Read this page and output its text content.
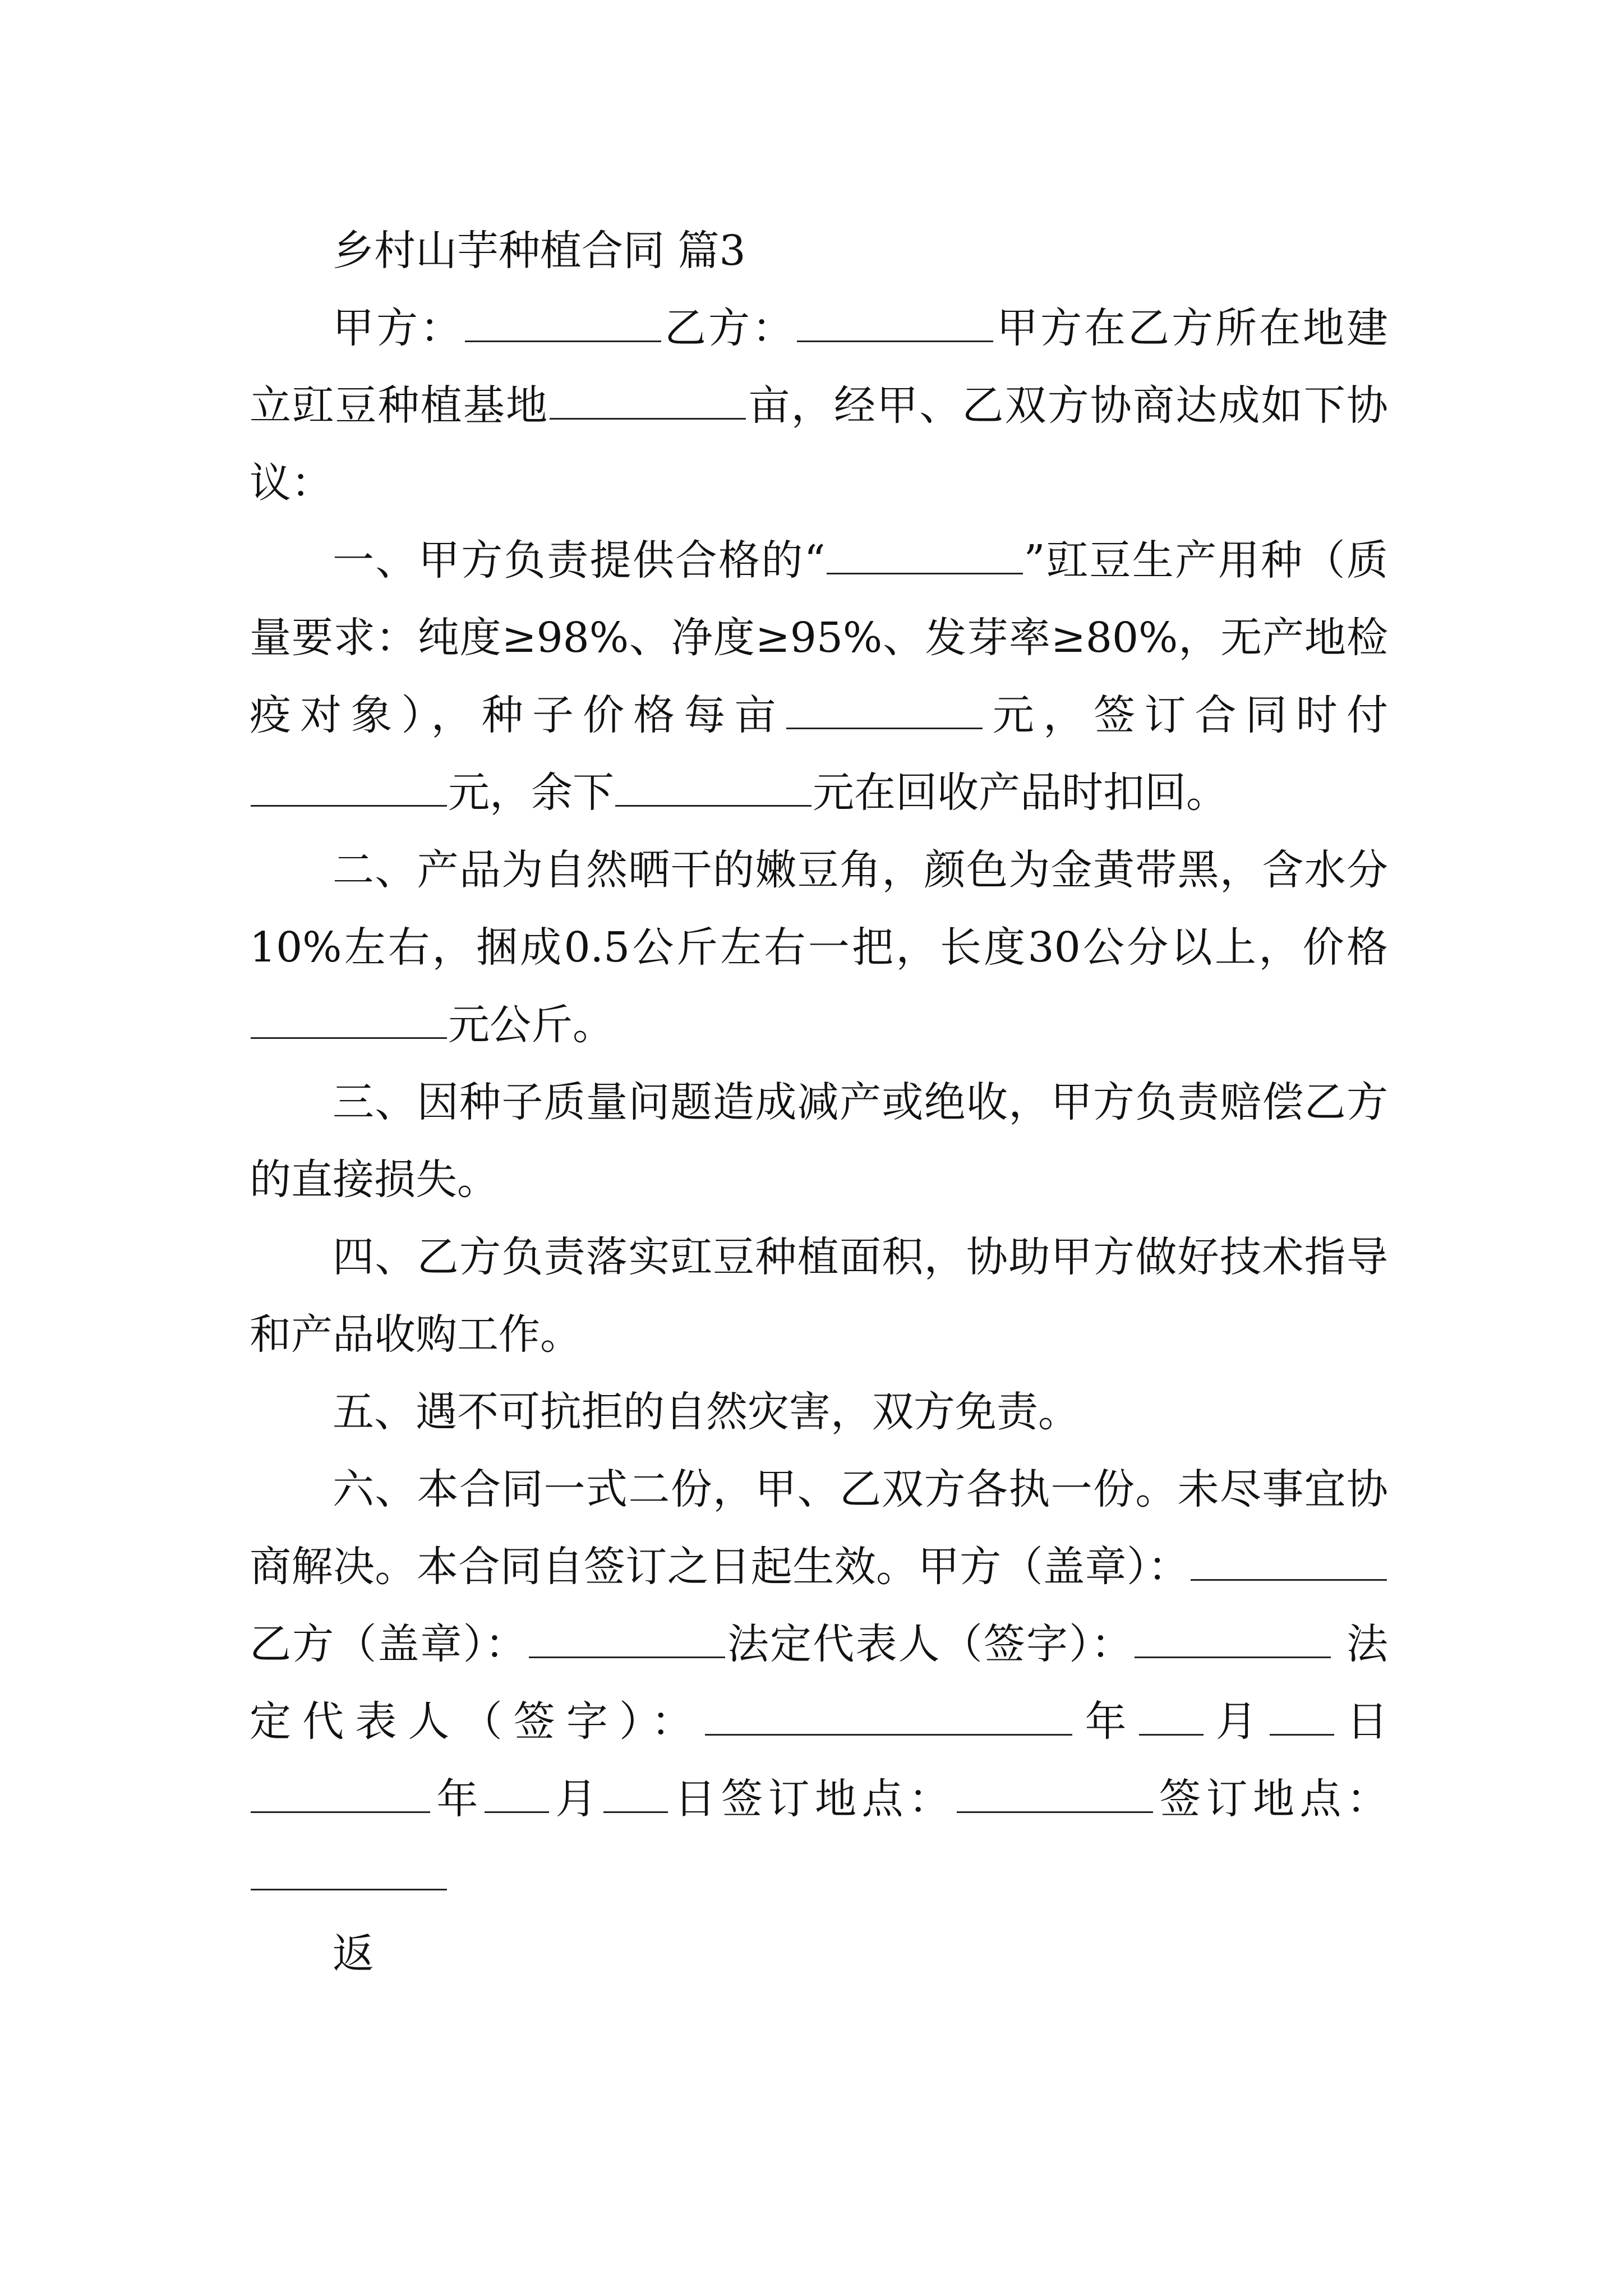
乡村山芋种植合同 篇3

甲方：	乙方：	甲方在乙方所在地建立豇豆种植基地	亩，经甲、乙双方协商达成如下协议：

一、甲方负责提供合格的“	”豇豆生产用种（质量要求：纯度≥98%、净度≥95%、发芽率≥80%，无产地检疫对象），种子价格每亩	元，签订合同时付元，余下	元在回收产品时扣回。

二、产品为自然晒干的嫩豆角，颜色为金黄带黑，含水分10%左右，捆成0.5公斤左右一把，长度30公分以上，价格元公斤。

三、因种子质量问题造成减产或绝收，甲方负责赔偿乙方的直接损失。

四、乙方负责落实豇豆种植面积，协助甲方做好技术指导和产品收购工作。

五、遇不可抗拒的自然灾害，双方免责。

六、本合同一式二份，甲、乙双方各执一份。未尽事宜协商解决。本合同自签订之日起生效。甲方（盖章）： 乙方（盖章）：	法定代表人（签字）：	法定代表人（签字）：	年 月 日 年 月 日签订地点：	签订地点：

返
